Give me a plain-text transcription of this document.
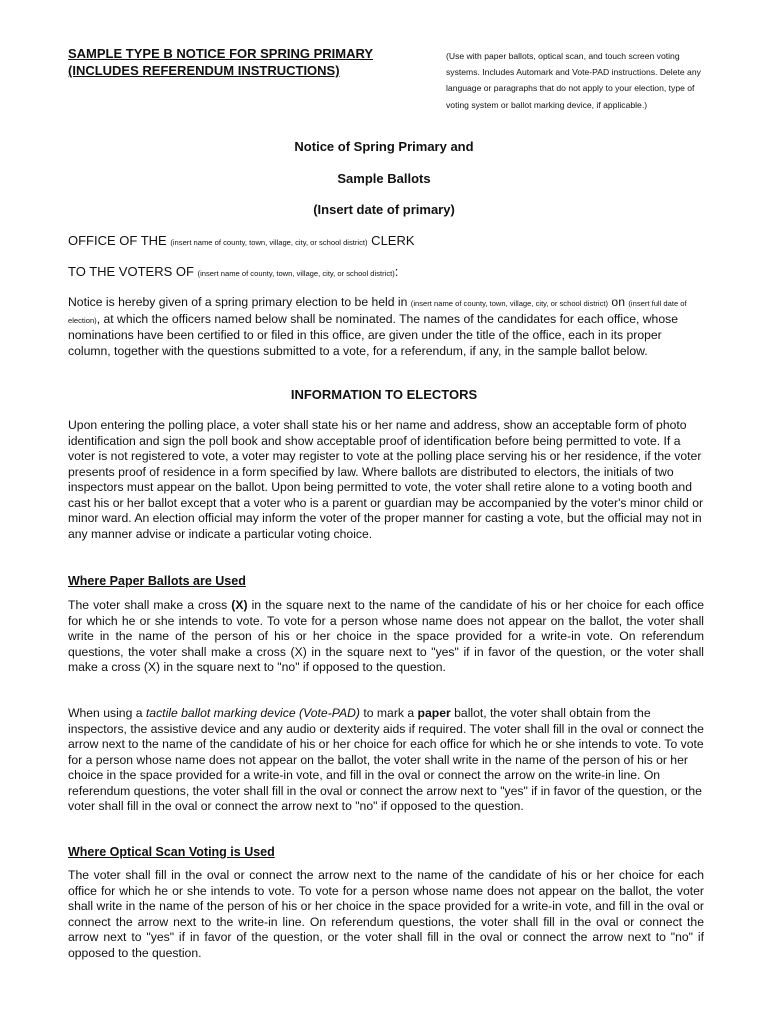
SAMPLE TYPE B NOTICE FOR SPRING PRIMARY
(INCLUDES REFERENDUM INSTRUCTIONS)
(Use with paper ballots, optical scan, and touch screen voting systems. Includes Automark and Vote-PAD instructions. Delete any language or paragraphs that do not apply to your election, type of voting system or ballot marking device, if applicable.)
Notice of Spring Primary and
Sample Ballots
(Insert date of primary)
OFFICE OF THE (insert name of county, town, village, city, or school district) CLERK
TO THE VOTERS OF (insert name of county, town, village, city, or school district):
Notice is hereby given of a spring primary election to be held in (insert name of county, town, village, city, or school district) on (insert full date of election), at which the officers named below shall be nominated. The names of the candidates for each office, whose nominations have been certified to or filed in this office, are given under the title of the office, each in its proper column, together with the questions submitted to a vote, for a referendum, if any, in the sample ballot below.
INFORMATION TO ELECTORS
Upon entering the polling place, a voter shall state his or her name and address, show an acceptable form of photo identification and sign the poll book and show acceptable proof of identification before being permitted to vote. If a voter is not registered to vote, a voter may register to vote at the polling place serving his or her residence, if the voter presents proof of residence in a form specified by law. Where ballots are distributed to electors, the initials of two inspectors must appear on the ballot. Upon being permitted to vote, the voter shall retire alone to a voting booth and cast his or her ballot except that a voter who is a parent or guardian may be accompanied by the voter's minor child or minor ward. An election official may inform the voter of the proper manner for casting a vote, but the official may not in any manner advise or indicate a particular voting choice.
Where Paper Ballots are Used
The voter shall make a cross (X) in the square next to the name of the candidate of his or her choice for each office for which he or she intends to vote. To vote for a person whose name does not appear on the ballot, the voter shall write in the name of the person of his or her choice in the space provided for a write-in vote. On referendum questions, the voter shall make a cross (X) in the square next to "yes" if in favor of the question, or the voter shall make a cross (X) in the square next to "no" if opposed to the question.
When using a tactile ballot marking device (Vote-PAD) to mark a paper ballot, the voter shall obtain from the inspectors, the assistive device and any audio or dexterity aids if required. The voter shall fill in the oval or connect the arrow next to the name of the candidate of his or her choice for each office for which he or she intends to vote. To vote for a person whose name does not appear on the ballot, the voter shall write in the name of the person of his or her choice in the space provided for a write-in vote, and fill in the oval or connect the arrow on the write-in line. On referendum questions, the voter shall fill in the oval or connect the arrow next to "yes" if in favor of the question, or the voter shall fill in the oval or connect the arrow next to "no" if opposed to the question.
Where Optical Scan Voting is Used
The voter shall fill in the oval or connect the arrow next to the name of the candidate of his or her choice for each office for which he or she intends to vote. To vote for a person whose name does not appear on the ballot, the voter shall write in the name of the person of his or her choice in the space provided for a write-in vote, and fill in the oval or connect the arrow next to the write-in line. On referendum questions, the voter shall fill in the oval or connect the arrow next to "yes" if in favor of the question, or the voter shall fill in the oval or connect the arrow next to "no" if opposed to the question.
